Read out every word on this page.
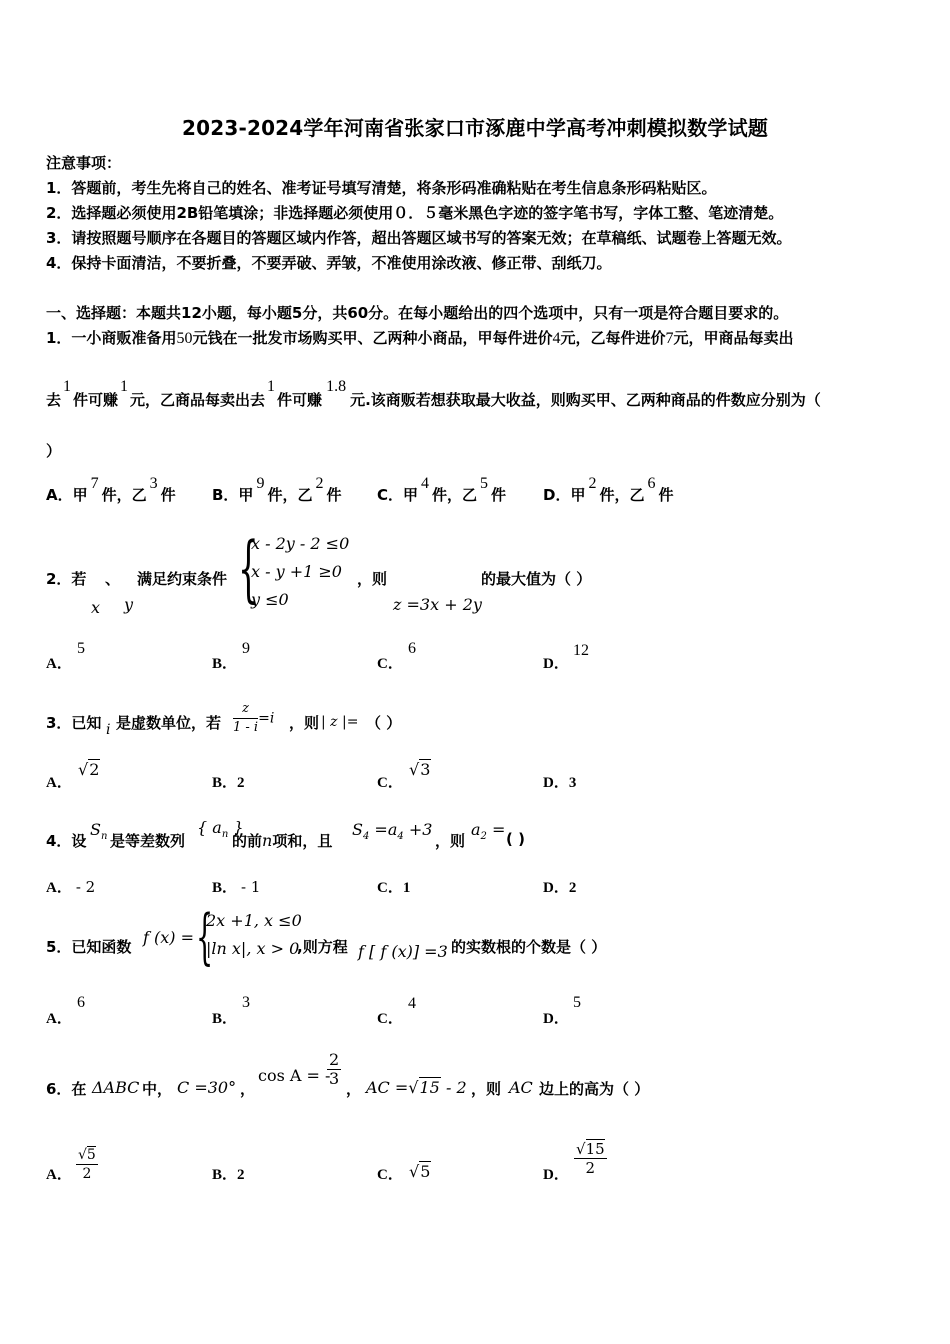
2023-2024学年河南省张家口市涿鹿中学高考冲刺模拟数学试题
注意事项：
1．答题前，考生先将自己的姓名、准考证号填写清楚，将条形码准确粘贴在考生信息条形码粘贴区。
2．选择题必须使用2B铅笔填涂；非选择题必须使用０．５毫米黑色字迹的签字笔书写，字体工整、笔迹清楚。
3．请按照题号顺序在各题目的答题区域内作答，超出答题区域书写的答案无效；在草稿纸、试题卷上答题无效。
4．保持卡面清洁，不要折叠，不要弄破、弄皱，不准使用涂改液、修正带、刮纸刀。
一、选择题：本题共12小题，每小题5分，共60分。在每小题给出的四个选项中，只有一项是符合题目要求的。
1．一小商贩准备用50元钱在一批发市场购买甲、乙两种小商品，甲每件进价4元，乙每件进价7元，甲商品每卖出
去1件可赚1元，乙商品每卖出去1件可赚1.8元.该商贩若想获取最大收益，则购买甲、乙两种商品的件数应分别为（
）
A．甲7件，乙3件 B．甲9件，乙2件 C．甲4件，乙5件 D．甲2件，乙6件
2．若 、 满足约束条件
x y {
x - 2y - 2 ≤0
x - y +1 ≥0
y ≤0
，则
z =3x + 2y
的最大值为（ ）
A．
5
B．
9
C．
6
D．
12
3．已知 i 是虚数单位，若 $\frac{z}{1 - i} =i$ ，则 | z |= （ ）
A．
√2
B．2	C．
√3
D．3
4．设
$S_n$ 是等差数列
{ $a_n$ }
的前n项和，且
$S_4 =a_4 +3$
，则
$a_2$ = ( )
A． - 2	B． - 1	C．1	D．2
5．已知函数 f (x) = {
2x +1, x ≤0
|ln x|, x > 0
,则方程 f [ f (x)] =3 的实数根的个数是（ ）
A．
6
B．
3
C．
4
D．
5
6．在 ΔABC 中， C =30° ，
cos A = -
$\frac{2}{3}$
， AC =√15 - 2 ，则 AC 边上的高为（ ）
A． $\frac{√5}{2}$	B．2	C． √5	D． $\frac{√15}{2}$
